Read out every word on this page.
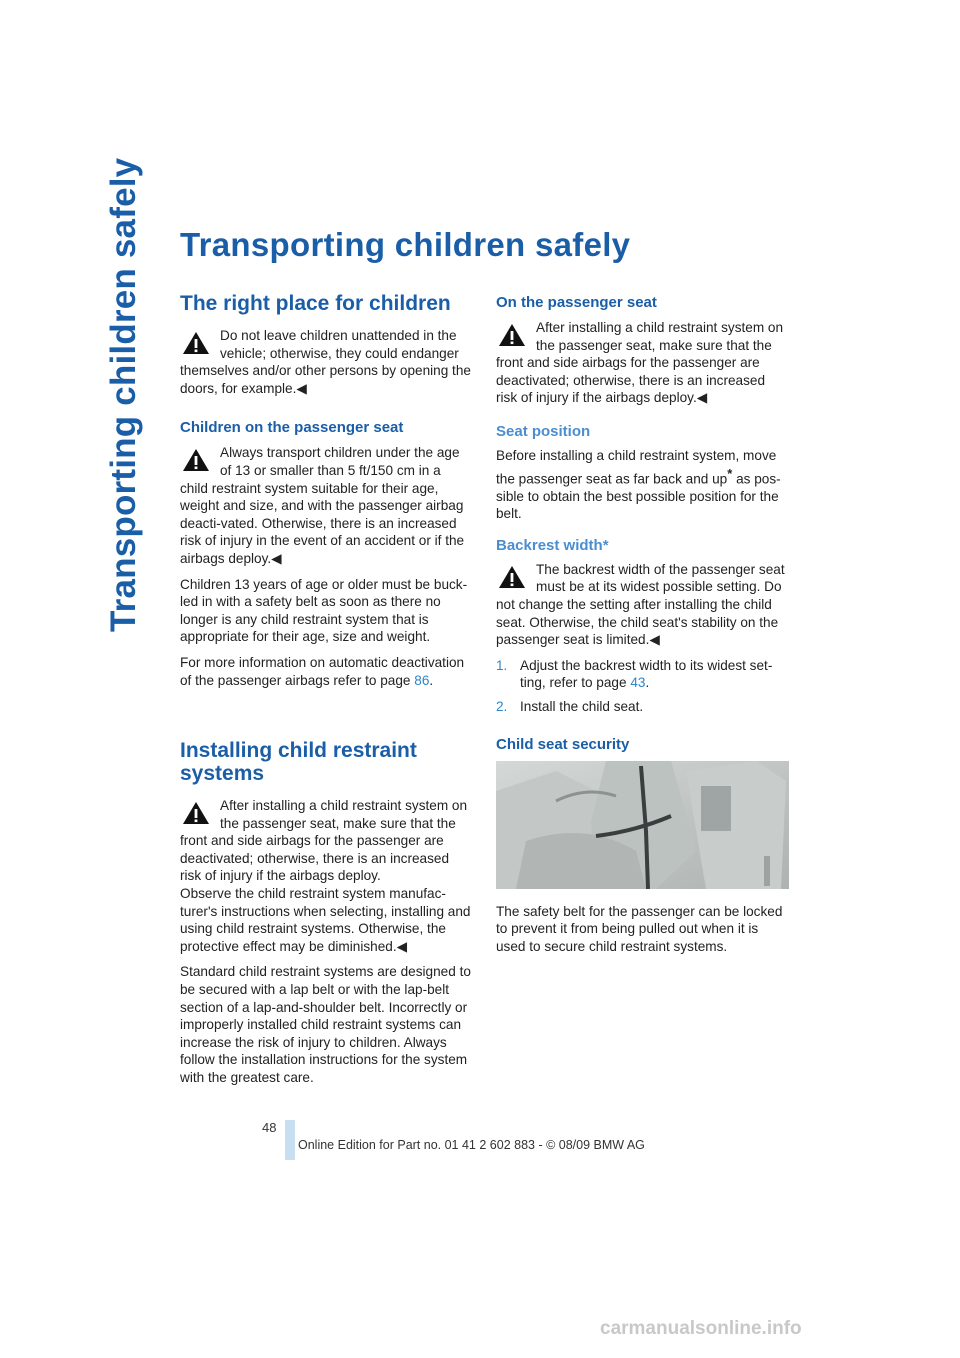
Transporting children safely Transporting children safely
The right place for children

Do not leave children unattended in the vehicle; otherwise, they could endanger themselves and/or other persons by opening the doors, for example.◀

Children on the passenger seat

Always transport children under the age of 13 or smaller than 5 ft/150 cm in a child restraint system suitable for their age, weight and size, and with the passenger airbag deacti-vated. Otherwise, there is an increased risk of injury in the event of an accident or if the airbags deploy.◀

Children 13 years of age or older must be buck-led in with a safety belt as soon as there no longer is any child restraint system that is appropriate for their age, size and weight.

For more information on automatic deactivation of the passenger airbags refer to page 86.

Installing child restraint systems

After installing a child restraint system on the passenger seat, make sure that the front and side airbags for the passenger are deactivated; otherwise, there is an increased risk of injury if the airbags deploy.

Observe the child restraint system manufac-turer's instructions when selecting, installing and using child restraint systems. Otherwise, the protective effect may be diminished.◀

Standard child restraint systems are designed to be secured with a lap belt or with the lap-belt section of a lap-and-shoulder belt. Incorrectly or improperly installed child restraint systems can increase the risk of injury to children. Always follow the installation instructions for the system with the greatest care.

On the passenger seat

After installing a child restraint system on the passenger seat, make sure that the front and side airbags for the passenger are deactivated; otherwise, there is an increased risk of injury if the airbags deploy.◀

Seat position

Before installing a child restraint system, move the passenger seat as far back and up* as pos-sible to obtain the best possible position for the belt.

Backrest width*

The backrest width of the passenger seat must be at its widest possible setting. Do not change the setting after installing the child seat. Otherwise, the child seat's stability on the passenger seat is limited.◀

1. Adjust the backrest width to its widest set-ting, refer to page 43.
2. Install the child seat.
Child seat security

The safety belt for the passenger can be locked to prevent it from being pulled out when it is used to secure child restraint systems.

48
Online Edition for Part no. 01 41 2 602 883 - © 08/09 BMW AG
carmanualsonline.info
